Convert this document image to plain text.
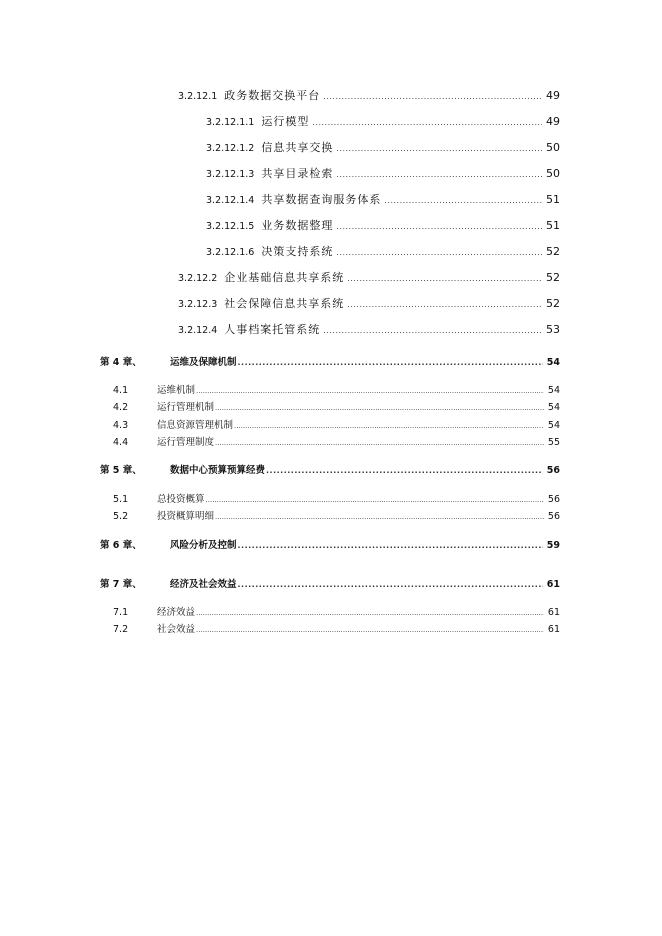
3.2.12.1 政务数据交换平台 .....	49
3.2.12.1.1 运行模型 .....	49
3.2.12.1.2 信息共享交换 .....	50
3.2.12.1.3 共享目录检索 .....	50
3.2.12.1.4 共享数据查询服务体系 .....	51
3.2.12.1.5 业务数据整理 .....	51
3.2.12.1.6 决策支持系统 .....	52
3.2.12.2 企业基础信息共享系统 .....	52
3.2.12.3 社会保障信息共享系统 .....	52
3.2.12.4 人事档案托管系统 .....	53
第 4 章、	运维及保障机制 .....	54
4.1	运维机制 .....	54
4.2	运行管理机制 .....	54
4.3	信息资源管理机制 .....	54
4.4	运行管理制度 .....	55
第 5 章、	数据中心预算预算经费 .....	56
5.1	总投资概算 .....	56
5.2	投资概算明细 .....	56
第 6 章、	风险分析及控制 .....	59
第 7 章、	经济及社会效益 .....	61
7.1	经济效益 .....	61
7.2	社会效益 .....	61
